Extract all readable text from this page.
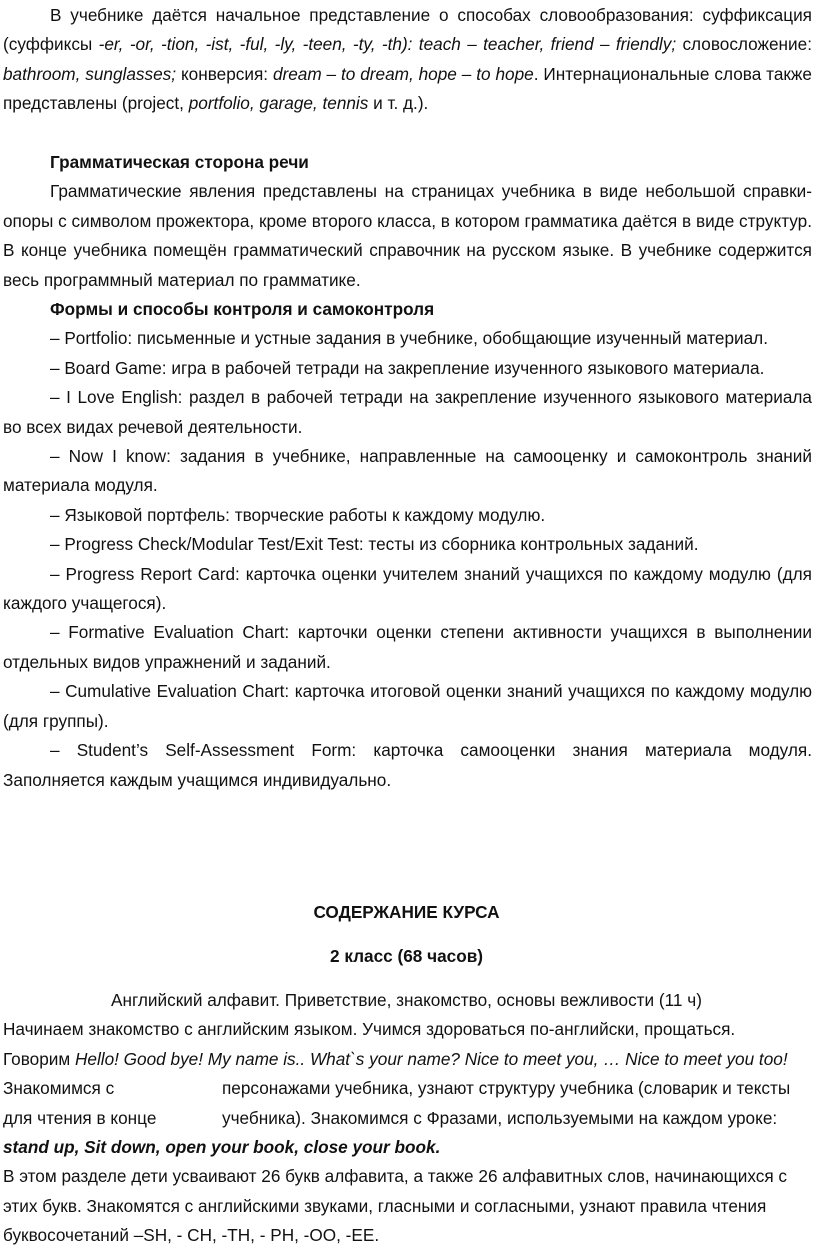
В учебнике даётся начальное представление о способах словообразования: суффиксация (суффиксы -er, -or, -tion, -ist, -ful, -ly, -teen, -ty, -th): teach – teacher, friend – friendly; словосложение: bathroom, sunglasses; конверсия: dream – to dream, hope – to hope. Интернациональные слова также представлены (project, portfolio, garage, tennis и т. д.).

Грамматическая сторона речи

Грамматические явления представлены на страницах учебника в виде небольшой справки-опоры с символом прожектора, кроме второго класса, в котором грамматика даётся в виде структур. В конце учебника помещён грамматический справочник на русском языке. В учебнике содержится весь программный материал по грамматике.

Формы и способы контроля и самоконтроля

– Portfolio: письменные и устные задания в учебнике, обобщающие изученный материал.

– Board Game: игра в рабочей тетради на закрепление изученного языкового материала.

– I Love English: раздел в рабочей тетради на закрепление изученного языкового материала во всех видах речевой деятельности.

– Now I know: задания в учебнике, направленные на самооценку и самоконтроль знаний материала модуля.

– Языковой портфель: творческие работы к каждому модулю.

– Progress Check/Modular Test/Exit Test: тесты из сборника контрольных заданий.

– Progress Report Card: карточка оценки учителем знаний учащихся по каждому модулю (для каждого учащегося).

– Formative Evaluation Chart: карточки оценки степени активности учащихся в выполнении отдельных видов упражнений и заданий.

– Cumulative Evaluation Chart: карточка итоговой оценки знаний учащихся по каждому модулю (для группы).

– Student’s Self-Assessment Form: карточка самооценки знания материала модуля. Заполняется каждым учащимся индивидуально.

СОДЕРЖАНИЕ КУРСА

2 класс (68 часов)

Английский алфавит. Приветствие, знакомство, основы вежливости (11 ч)

Начинаем знакомство с английским языком. Учимся здороваться по-английски, прощаться.

Говорим Hello! Good bye! My name is.. What`s your name? Nice to meet you, … Nice to meet you too!

Знакомимся с	персонажами учебника, узнают структуру учебника (словарик и тексты
для чтения в конце	учебника). Знакомимся с Фразами, используемыми на каждом уроке:

stand up, Sit down, open your book, close your book.

В этом разделе дети усваивают 26 букв алфавита, а также 26 алфавитных слов, начинающихся с этих букв. Знакомятся с английскими звуками, гласными и согласными, узнают правила чтения буквосочетаний –SH, - CH, -TH, - PH, -OO, -EE.
